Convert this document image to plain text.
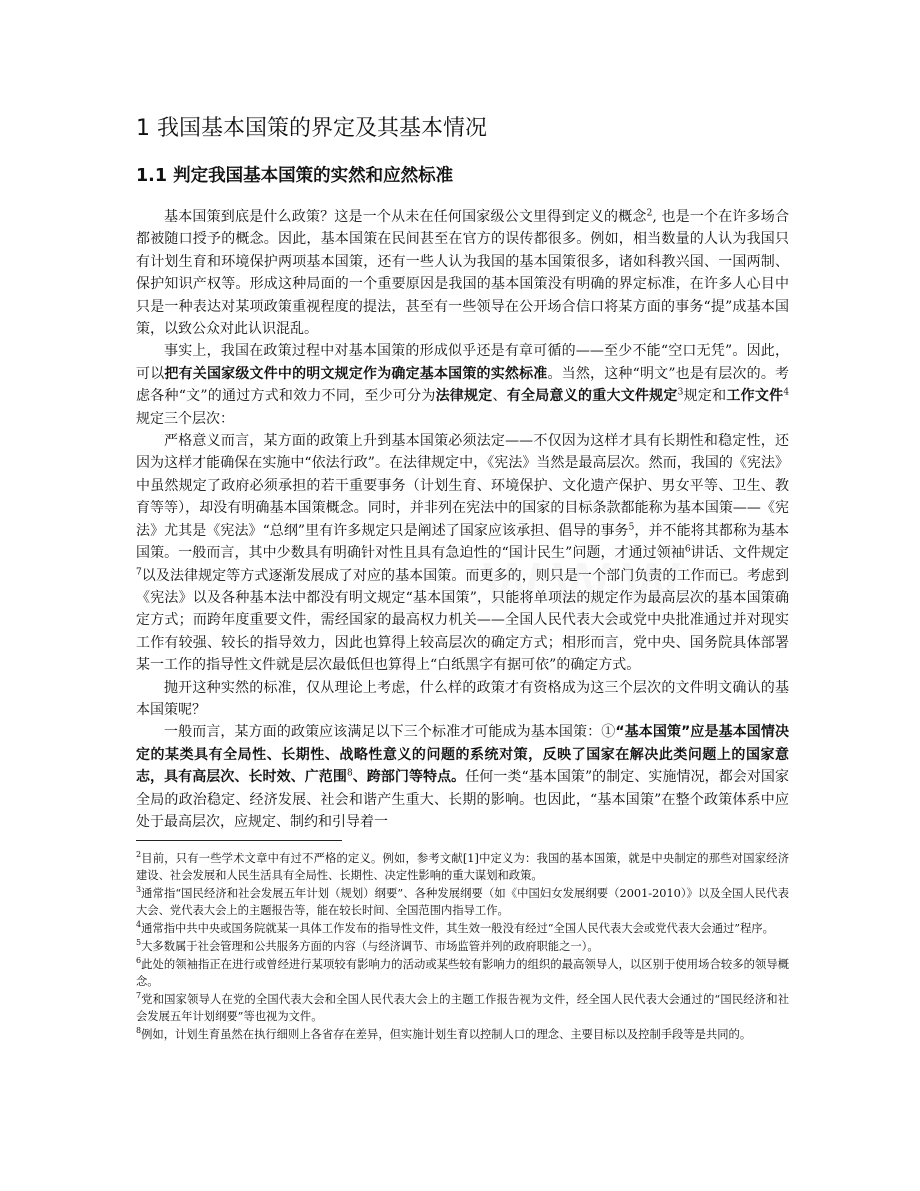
1 我国基本国策的界定及其基本情况
1.1 判定我国基本国策的实然和应然标准

基本国策到底是什么政策？这是一个从未在任何国家级公文里得到定义的概念$^2$, 也是一个在许多场合都被随口授予的概念。因此，基本国策在民间甚至在官方的误传都很多。例如，相当数量的人认为我国只有计划生育和环境保护两项基本国策，还有一些人认为我国的基本国策很多，诸如科教兴国、一国两制、保护知识产权等。形成这种局面的一个重要原因是我国的基本国策没有明确的界定标准，在许多人心目中只是一种表达对某项政策重视程度的提法，甚至有一些领导在公开场合信口将某方面的事务“提”成基本国策，以致公众对此认识混乱。

事实上，我国在政策过程中对基本国策的形成似乎还是有章可循的——至少不能“空口无凭”。因此，可以把有关国家级文件中的明文规定作为确定基本国策的实然标准。当然，这种“明文”也是有层次的。考虑各种“文”的通过方式和效力不同，至少可分为法律规定、有全局意义的重大文件规定$^3$规定和工作文件$^4$规定三个层次：

严格意义而言，某方面的政策上升到基本国策必须法定——不仅因为这样才具有长期性和稳定性，还因为这样才能确保在实施中“依法行政”。在法律规定中，《宪法》当然是最高层次。然而，我国的《宪法》中虽然规定了政府必须承担的若干重要事务（计划生育、环境保护、文化遗产保护、男女平等、卫生、教育等等），却没有明确基本国策概念。同时，并非列在宪法中的国家的目标条款都能称为基本国策——《宪法》尤其是《宪法》“总纲”里有许多规定只是阐述了国家应该承担、倡导的事务$^5$，并不能将其都称为基本国策。一般而言，其中少数具有明确针对性且具有急迫性的“国计民生”问题，才通过领袖$^6$讲话、文件规定$^7$以及法律规定等方式逐渐发展成了对应的基本国策。而更多的，则只是一个部门负责的工作而已。考虑到《宪法》以及各种基本法中都没有明文规定“基本国策”，只能将单项法的规定作为最高层次的基本国策确定方式；而跨年度重要文件，需经国家的最高权力机关——全国人民代表大会或党中央批准通过并对现实工作有较强、较长的指导效力，因此也算得上较高层次的确定方式；相形而言，党中央、国务院具体部署某一工作的指导性文件就是层次最低但也算得上“白纸黑字有据可依”的确定方式。

抛开这种实然的标准，仅从理论上考虑，什么样的政策才有资格成为这三个层次的文件明文确认的基本国策呢？

一般而言，某方面的政策应该满足以下三个标准才可能成为基本国策：①“基本国策”应是基本国情决定的某类具有全局性、长期性、战略性意义的问题的系统对策，反映了国家在解决此类问题上的国家意志，具有高层次、长时效、广范围$^8$、跨部门等特点。任何一类“基本国策”的制定、实施情况，都会对国家全局的政治稳定、经济发展、社会和谐产生重大、长期的影响。也因此，“基本国策”在整个政策体系中应处于最高层次，应规定、制约和引导着一

$^2$目前，只有一些学术文章中有过不严格的定义。例如，参考文献[1]中定义为：我国的基本国策，就是中央制定的那些对国家经济建设、社会发展和人民生活具有全局性、长期性、决定性影响的重大谋划和政策。

$^3$通常指“国民经济和社会发展五年计划（规划）纲要”、各种发展纲要（如《中国妇女发展纲要（2001-2010）》以及全国人民代表大会、党代表大会上的主题报告等，能在较长时间、全国范围内指导工作。

$^4$通常指中共中央或国务院就某一具体工作发布的指导性文件，其生效一般没有经过“全国人民代表大会或党代表大会通过”程序。

$^5$大多数属于社会管理和公共服务方面的内容（与经济调节、市场监管并列的政府职能之一）。

$^6$此处的领袖指正在进行或曾经进行某项较有影响力的活动或某些较有影响力的组织的最高领导人，以区别于使用场合较多的领导概念。

$^7$党和国家领导人在党的全国代表大会和全国人民代表大会上的主题工作报告视为文件，经全国人民代表大会通过的“国民经济和社会发展五年计划纲要”等也视为文件。

$^8$例如，计划生育虽然在执行细则上各省存在差异，但实施计划生育以控制人口的理念、主要目标以及控制手段等是共同的。
